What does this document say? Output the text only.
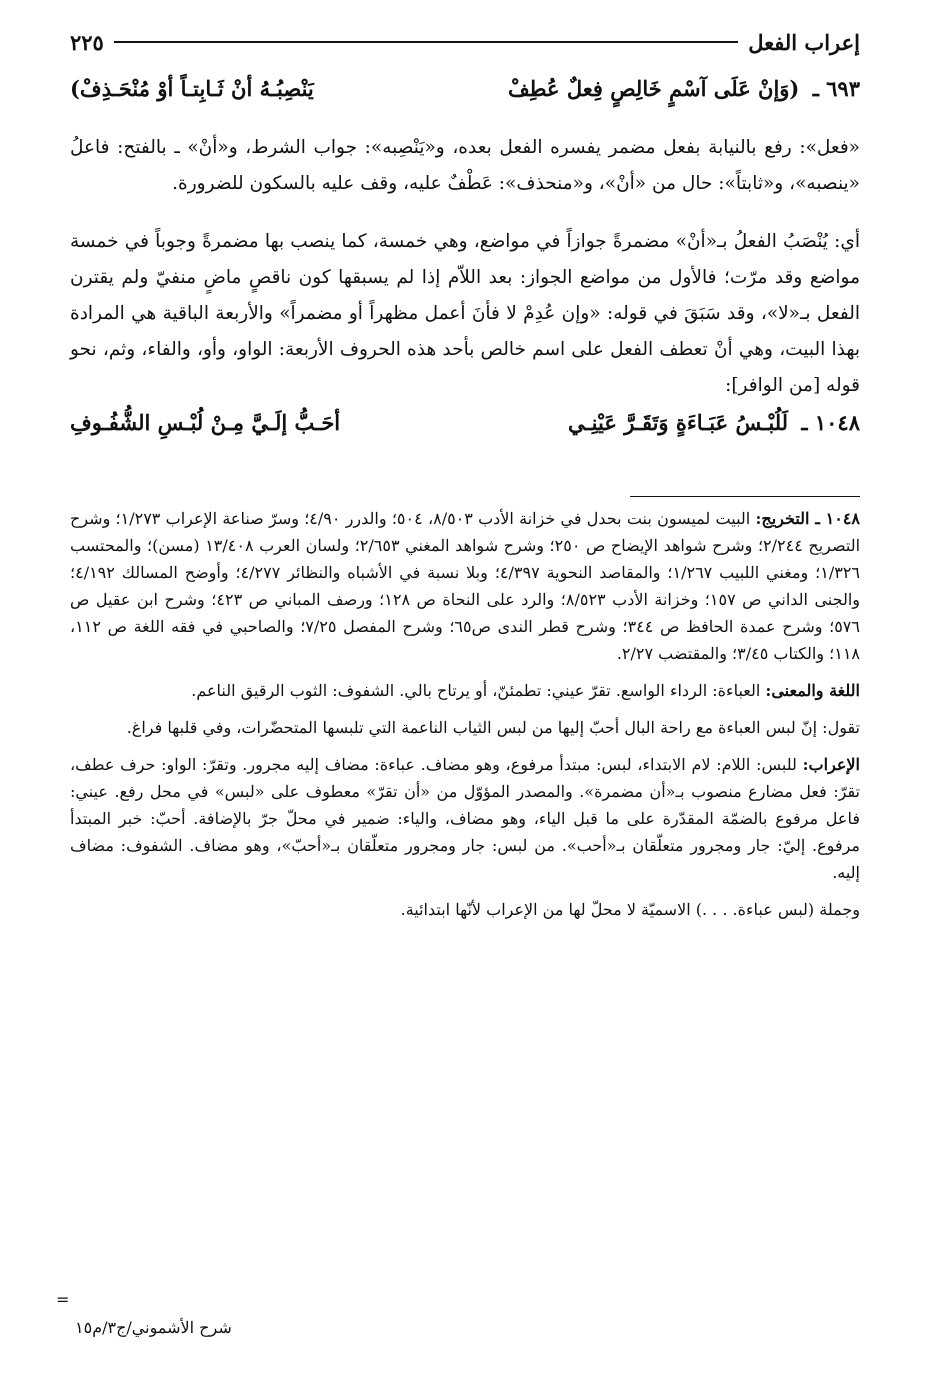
إعراب الفعل
٢٢٥
٦٩٣ ـ (وَإنْ عَلَى آسْمٍ خَالِصٍ فِعلٌ عُطِفْ
يَنْصِبُـهُ أنْ ثَـابِتـاً أوْ مُنْحَـذِفْ)

«فعل»: رفع بالنيابة بفعل مضمر يفسره الفعل بعده، و«يَنْصِبه»: جواب الشرط، و«أنْ» ـ بالفتح: فاعلُ «ينصبه»، و«ثابتاً»: حال من «أنْ»، و«منحذف»: عَطْفٌ عليه، وقف عليه بالسكون للضرورة.

أي: يُنْصَبُ الفعلُ بـ«أنْ» مضمرةً جوازاً في مواضع، وهي خمسة، كما ينصب بها مضمرةً وجوباً في خمسة مواضع وقد مرّت؛ فالأول من مواضع الجواز: بعد اللاّم إذا لم يسبقها كون ناقصٍ ماضٍ منفيّ ولم يقترن الفعل بـ«لا»، وقد سَبَقَ في قوله: «وإن عُدِمْ لا فأنَ أعمل مظهراً أو مضمراً» والأربعة الباقية هي المرادة بهذا البيت، وهي أنْ تعطف الفعل على اسم خالص بأحد هذه الحروف الأربعة: الواو، وأو، والفاء، وثم، نحو قوله [من الوافر]:

١٠٤٨ ـ لَلُبْـسُ عَبَـاءَةٍ وَتَقَـرَّ عَيْنِـي
أحَـبُّ إلَـيَّ مِـنْ لُبْـسِ الشُّفُـوفِ

١٠٤٨ ـ التخريج: البيت لميسون بنت بحدل في خزانة الأدب ٨/٥٠٣، ٥٠٤؛ والدرر ٤/٩٠؛ وسرّ صناعة الإعراب ١/٢٧٣؛ وشرح التصريح ٢/٢٤٤؛ وشرح شواهد الإيضاح ص ٢٥٠؛ وشرح شواهد المغني ٢/٦٥٣؛ ولسان العرب ١٣/٤٠٨ (مسن)؛ والمحتسب ١/٣٢٦؛ ومغني اللبيب ١/٢٦٧؛ والمقاصد النحوية ٤/٣٩٧؛ وبلا نسبة في الأشباه والنظائر ٤/٢٧٧؛ وأوضح المسالك ٤/١٩٢؛ والجنى الداني ص ١٥٧؛ وخزانة الأدب ٨/٥٢٣؛ والرد على النحاة ص ١٢٨؛ ورصف المباني ص ٤٢٣؛ وشرح ابن عقيل ص ٥٧٦؛ وشرح عمدة الحافظ ص ٣٤٤؛ وشرح قطر الندى ص٦٥؛ وشرح المفصل ٧/٢٥؛ والصاحبي في فقه اللغة ص ١١٢، ١١٨؛ والكتاب ٣/٤٥؛ والمقتضب ٢/٢٧.

اللغة والمعنى: العباءة: الرداء الواسع. تقرّ عيني: تطمئنّ، أو يرتاح بالي. الشفوف: الثوب الرقيق الناعم.

تقول: إنّ لبس العباءة مع راحة البال أحبّ إليها من لبس الثياب الناعمة التي تلبسها المتحضّرات، وفي قلبها فراغ.

الإعراب: للبس: اللام: لام الابتداء، لبس: مبتدأ مرفوع، وهو مضاف. عباءة: مضاف إليه مجرور. وتقرّ: الواو: حرف عطف، تقرّ: فعل مضارع منصوب بـ«أن مضمرة». والمصدر المؤوّل من «أن تقرّ» معطوف على «لبس» في محل رفع. عيني: فاعل مرفوع بالضمّة المقدّرة على ما قبل الياء، وهو مضاف، والياء: ضمير في محلّ جرّ بالإضافة. أحبّ: خبر المبتدأ مرفوع. إليّ: جار ومجرور متعلّقان بـ«أحب». من لبس: جار ومجرور متعلّقان بـ«أحبّ»، وهو مضاف. الشفوف: مضاف إليه.

وجملة (لبس عباءة. . . .) الاسميّة لا محلّ لها من الإعراب لأنّها ابتدائية.

=
شرح الأشموني/ج٣/م١٥
